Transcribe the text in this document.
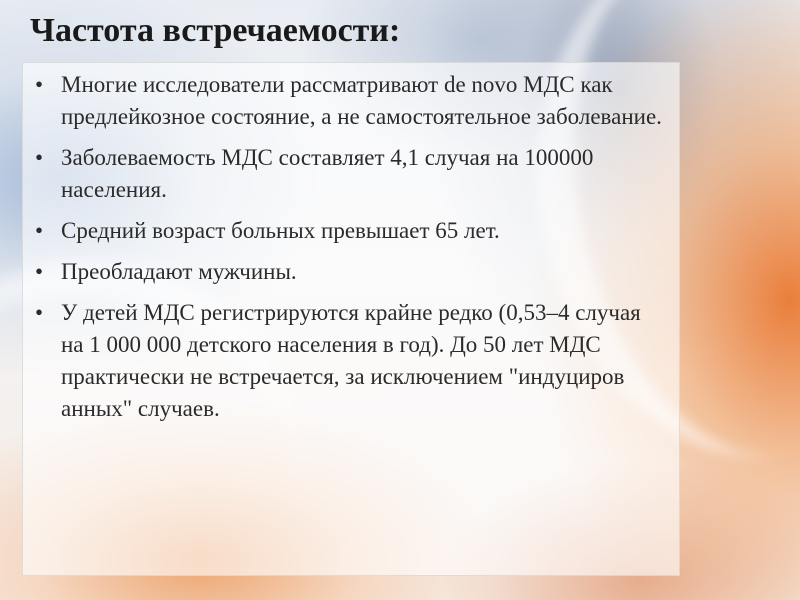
Частота встречаемости:
• Многие исследователи рассматривают de novo МДС как предлейкозное состояние, а не самостоятельное заболевание.
• Заболеваемость МДС составляет 4,1 случая на 100000 населения.
• Средний возраст больных превышает 65 лет.
• Преобладают мужчины.
• У детей МДС регистрируются крайне редко (0,53–4 случая на 1 000 000 детского населения в год). До 50 лет МДС практически не встречается, за исключением "индуциров анных" случаев.
